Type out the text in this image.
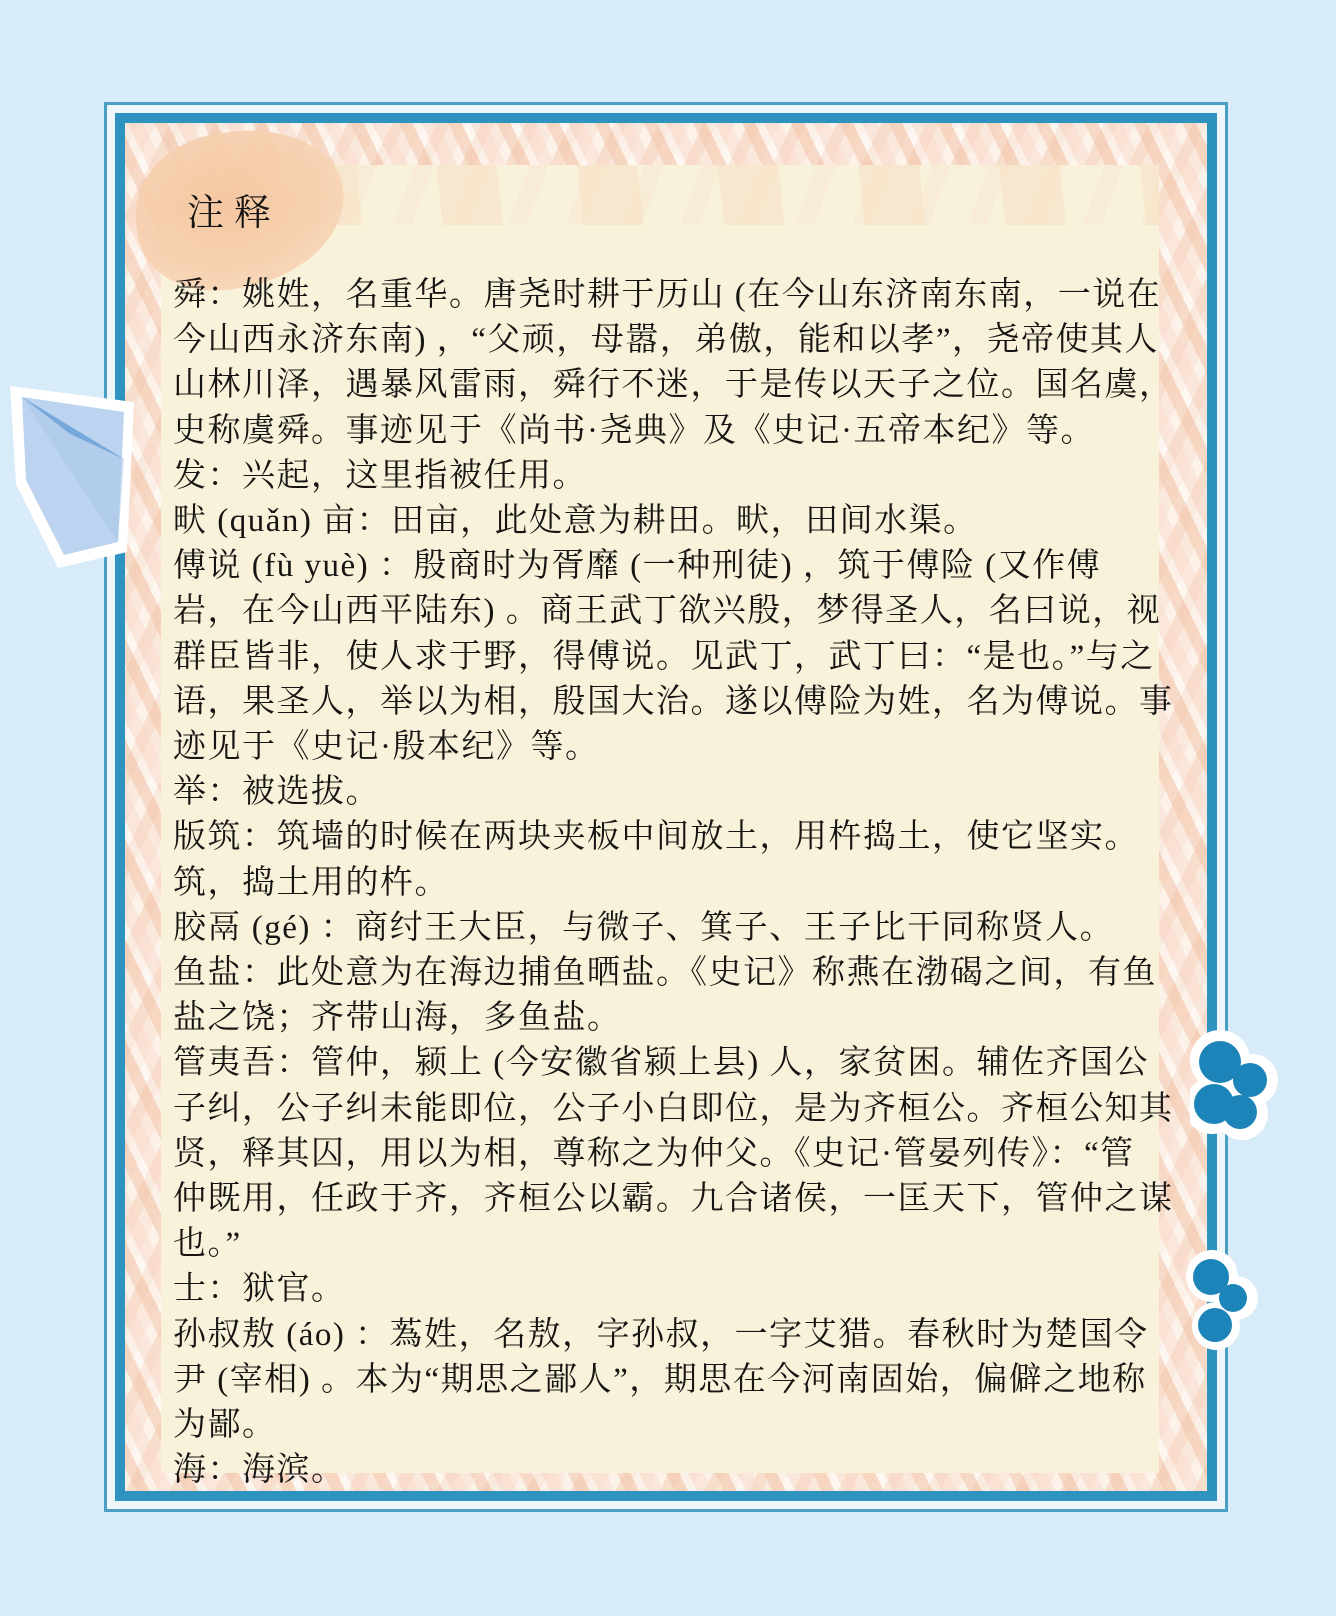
注释
舜：姚姓，名重华。唐尧时耕于历山 (在今山东济南东南，一说在
今山西永济东南) ，“父顽，母嚣，弟傲，能和以孝”，尧帝使其人
山林川泽，遇暴风雷雨，舜行不迷，于是传以天子之位。国名虞，
史称虞舜。事迹见于《尚书·尧典》及《史记·五帝本纪》等。
发：兴起，这里指被任用。
畎 (quǎn) 亩：田亩，此处意为耕田。畎，田间水渠。
傅说 (fù yuè) ：殷商时为胥靡 (一种刑徒) ，筑于傅险 (又作傅
岩，在今山西平陆东) 。商王武丁欲兴殷，梦得圣人，名曰说，视
群臣皆非，使人求于野，得傅说。见武丁，武丁曰：“是也。”与之
语，果圣人，举以为相，殷国大治。遂以傅险为姓，名为傅说。事
迹见于《史记·殷本纪》等。
举：被选拔。
版筑：筑墙的时候在两块夹板中间放土，用杵捣土，使它坚实。
筑，捣土用的杵。
胶鬲 (gé) ：商纣王大臣，与微子、箕子、王子比干同称贤人。
鱼盐：此处意为在海边捕鱼晒盐。《史记》称燕在渤碣之间，有鱼
盐之饶；齐带山海，多鱼盐。
管夷吾：管仲，颍上 (今安徽省颍上县) 人，家贫困。辅佐齐国公
子纠，公子纠未能即位，公子小白即位，是为齐桓公。齐桓公知其
贤，释其囚，用以为相，尊称之为仲父。《史记·管晏列传》：“管
仲既用，任政于齐，齐桓公以霸。九合诸侯，一匡天下，管仲之谋
也。”
士：狱官。
孙叔敖 (áo) ：蒍姓，名敖，字孙叔，一字艾猎。春秋时为楚国令
尹 (宰相) 。本为“期思之鄙人”，期思在今河南固始，偏僻之地称
为鄙。
海：海滨。
